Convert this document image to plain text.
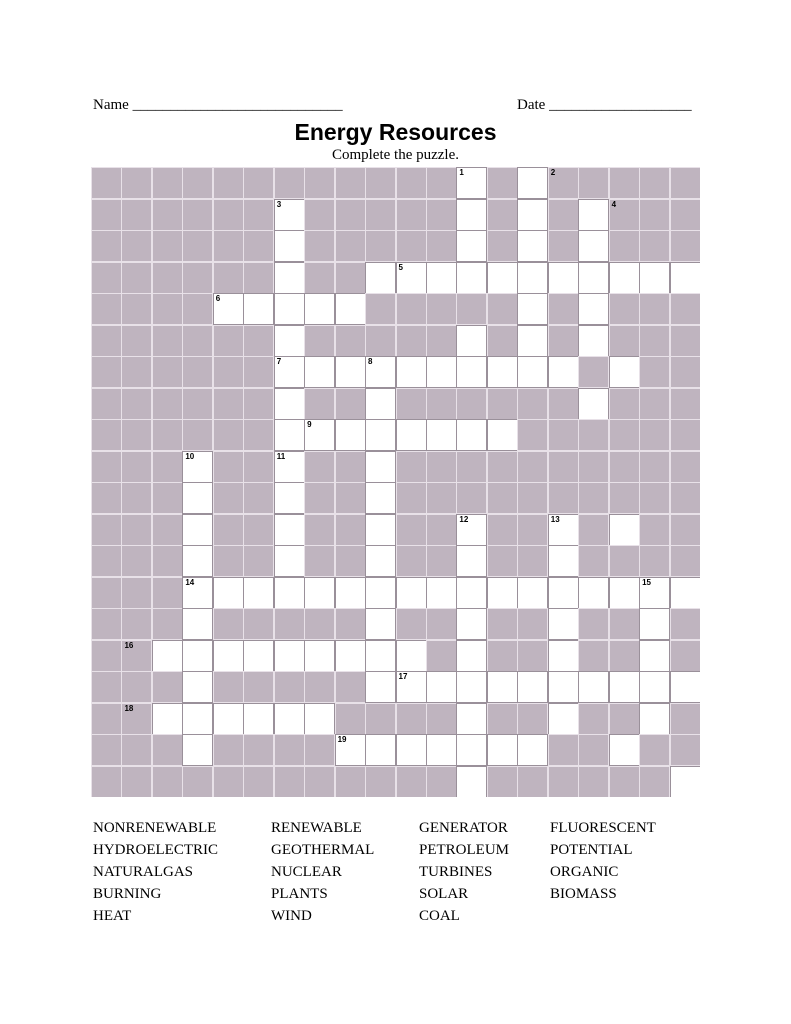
Name ____________________________	Date ___________________
Energy Resources
Complete the puzzle.
1	2
3	4
5
6
7	8
9
10	11
12	13
14	15
16
17
18
19
NONRENEWABLE
HYDROELECTRIC
NATURALGAS
BURNING
HEAT
RENEWABLE
GEOTHERMAL
NUCLEAR
PLANTS
WIND
GENERATOR
PETROLEUM
TURBINES
SOLAR
COAL
FLUORESCENT
POTENTIAL
ORGANIC
BIOMASS
